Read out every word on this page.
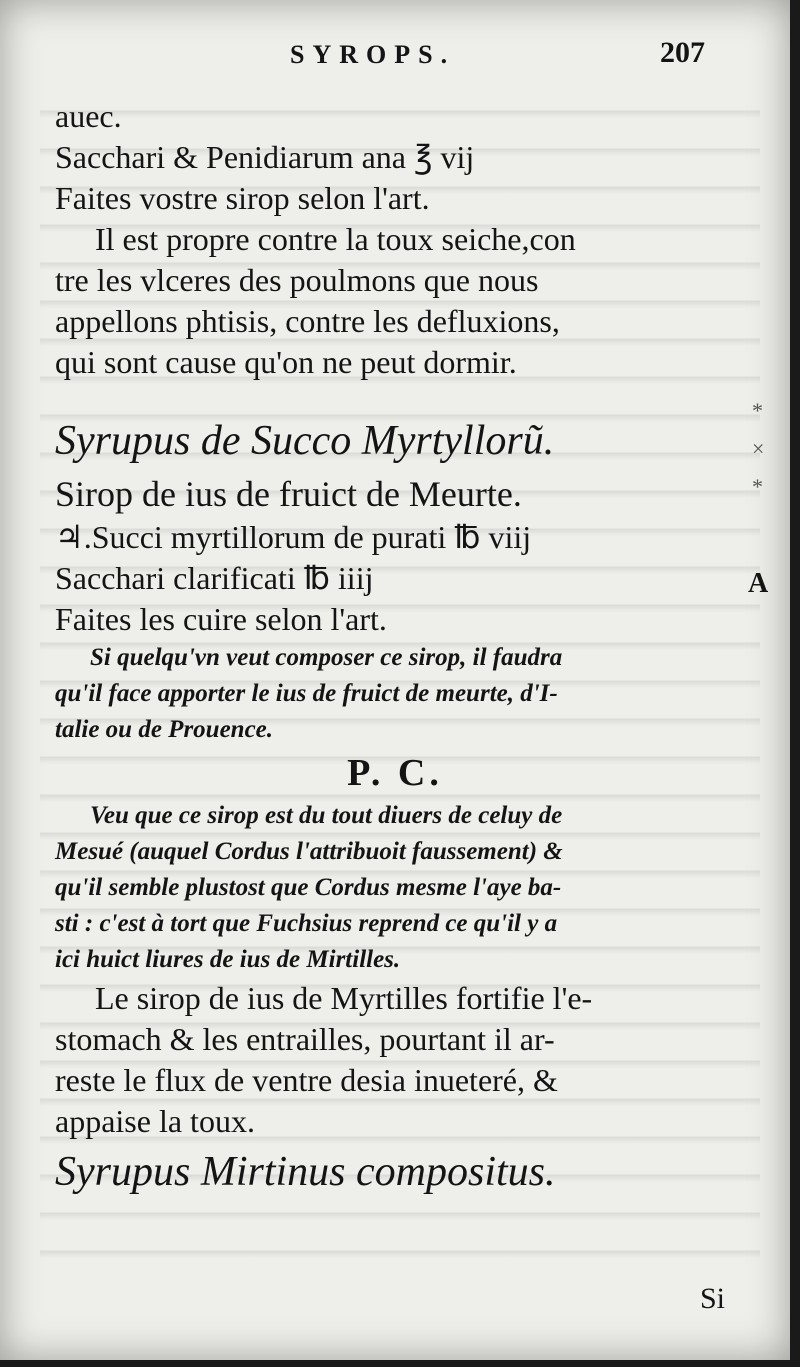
SYROPS.	207
auec.
Sacchari & Penidiarum ana ℥ vij
Faites vostre sirop selon l'art.
Il est propre contre la toux seiche,con
tre les vlceres des poulmons que nous
appellons phtisis, contre les defluxions,
qui sont cause qu'on ne peut dormir.
Syrupus de Succo Myrtyllorũ.
Sirop de ius de fruict de Meurte.
♃.Succi myrtillorum de purati ℔ viij
Sacchari clarificati ℔ iiij
Faites les cuire selon l'art.
Si quelqu'vn veut composer ce sirop, il faudra
qu'il face apporter le ius de fruict de meurte, d'I-
talie ou de Prouence.
P. C.
Veu que ce sirop est du tout diuers de celuy de
Mesué (auquel Cordus l'attribuoit faussement) &
qu'il semble plustost que Cordus mesme l'aye ba-
sti : c'est à tort que Fuchsius reprend ce qu'il y a
ici huict liures de ius de Mirtilles.
Le sirop de ius de Myrtilles fortifie l'e-
stomach & les entrailles, pourtant il ar-
reste le flux de ventre desia inueteré, &
appaise la toux.
Syrupus Mirtinus compositus.
*
×
*
A
Si
